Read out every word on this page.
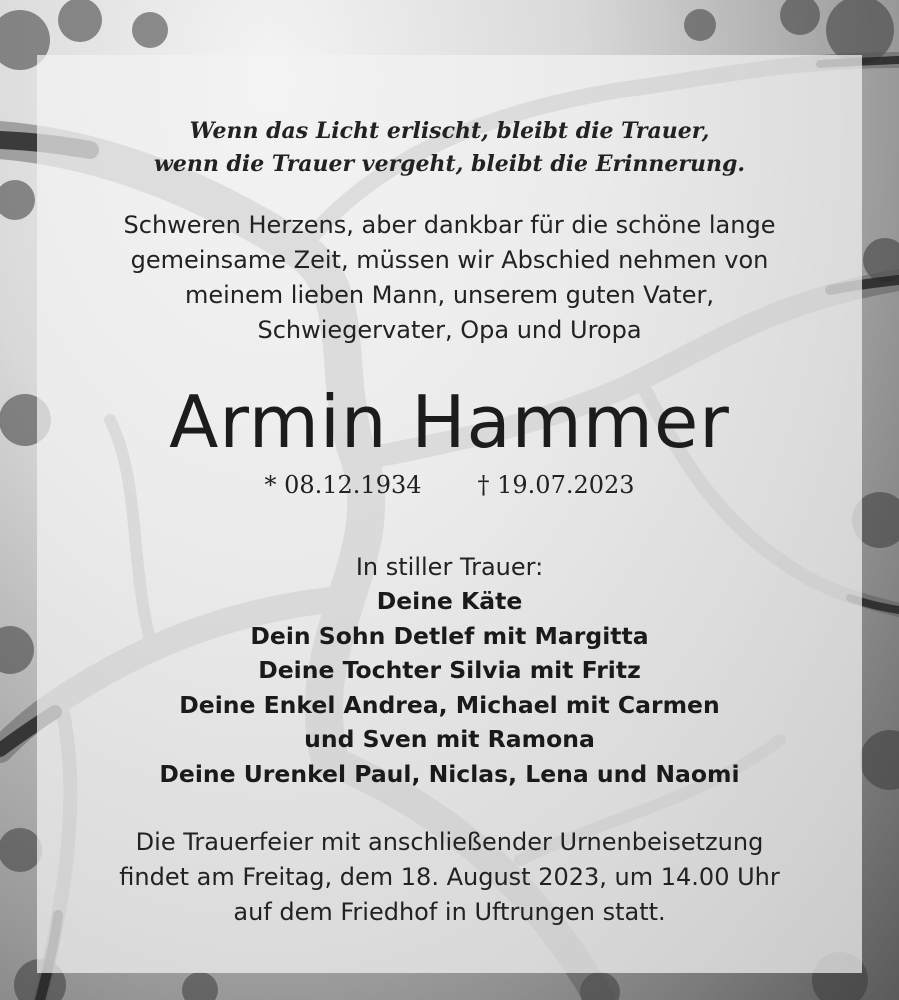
Wenn das Licht erlischt, bleibt die Trauer,
wenn die Trauer vergeht, bleibt die Erinnerung.
Schweren Herzens, aber dankbar für die schöne lange
gemeinsame Zeit, müssen wir Abschied nehmen von
meinem lieben Mann, unserem guten Vater,
Schwiegervater, Opa und Uropa
Armin Hammer
* 08.12.1934 † 19.07.2023
In stiller Trauer:
Deine Käte
Dein Sohn Detlef mit Margitta
Deine Tochter Silvia mit Fritz
Deine Enkel Andrea, Michael mit Carmen
und Sven mit Ramona
Deine Urenkel Paul, Niclas, Lena und Naomi
Die Trauerfeier mit anschließender Urnenbeisetzung
findet am Freitag, dem 18. August 2023, um 14.00 Uhr
auf dem Friedhof in Uftrungen statt.
